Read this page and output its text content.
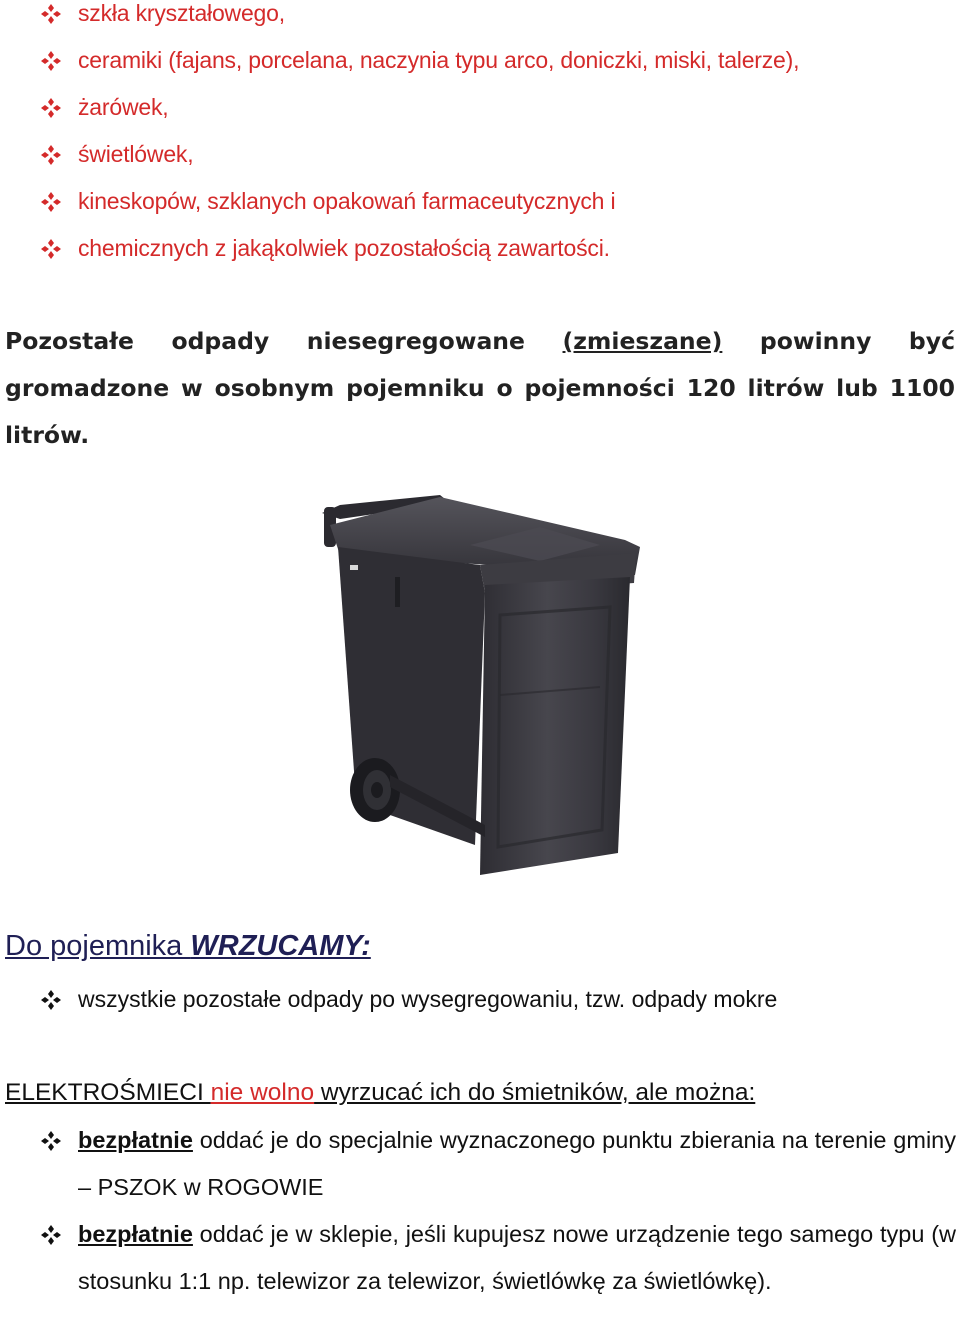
szkła kryształowego,
ceramiki (fajans, porcelana, naczynia typu arco, doniczki, miski, talerze),
żarówek,
świetlówek,
kineskopów, szklanych opakowań farmaceutycznych i
chemicznych z jakąkolwiek pozostałością zawartości.
Pozostałe odpady niesegregowane (zmieszane) powinny być gromadzone w osobnym pojemniku o pojemności 120 litrów lub 1100 litrów.
Do pojemnika WRZUCAMY:
wszystkie pozostałe odpady po wysegregowaniu, tzw. odpady mokre
ELEKTROŚMIECI nie wolno wyrzucać ich do śmietników, ale można:
bezpłatnie oddać je do specjalnie wyznaczonego punktu zbierania na terenie gminy – PSZOK w ROGOWIE
bezpłatnie oddać je w sklepie, jeśli kupujesz nowe urządzenie tego samego typu (w stosunku 1:1 np. telewizor za telewizor, świetlówkę za świetlówkę).
